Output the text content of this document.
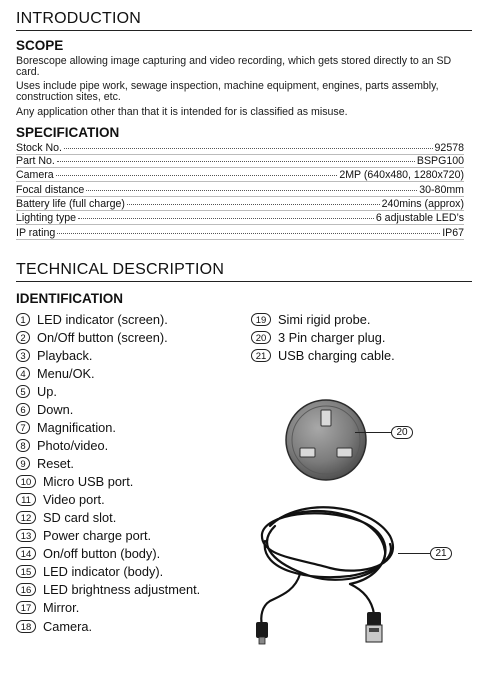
INTRODUCTION
SCOPE
Borescope allowing image capturing and video recording, which gets stored directly to an SD card.
Uses include pipe work, sewage inspection, machine equipment, engines, parts assembly, construction sites, etc.
Any application other than that it is intended for is classified as misuse.
SPECIFICATION
Stock No.	92578
Part No.	BSPG100
Camera	2MP (640x480, 1280x720)
Focal distance	30-80mm
Battery life (full charge)	240mins (approx)
Lighting type	6 adjustable LED’s
IP rating	IP67
TECHNICAL DESCRIPTION
IDENTIFICATION
1 LED indicator (screen).
2 On/Off button (screen).
3 Playback.
4 Menu/OK.
5 Up.
6 Down.
7 Magnification.
8 Photo/video.
9 Reset.
10 Micro USB port.
11 Video port.
12 SD card slot.
13 Power charge port.
14 On/off button (body).
15 LED indicator (body).
16 LED brightness adjustment.
17 Mirror.
18 Camera.
19 Simi rigid probe.
20 3 Pin charger plug.
21 USB charging cable.
20
21
